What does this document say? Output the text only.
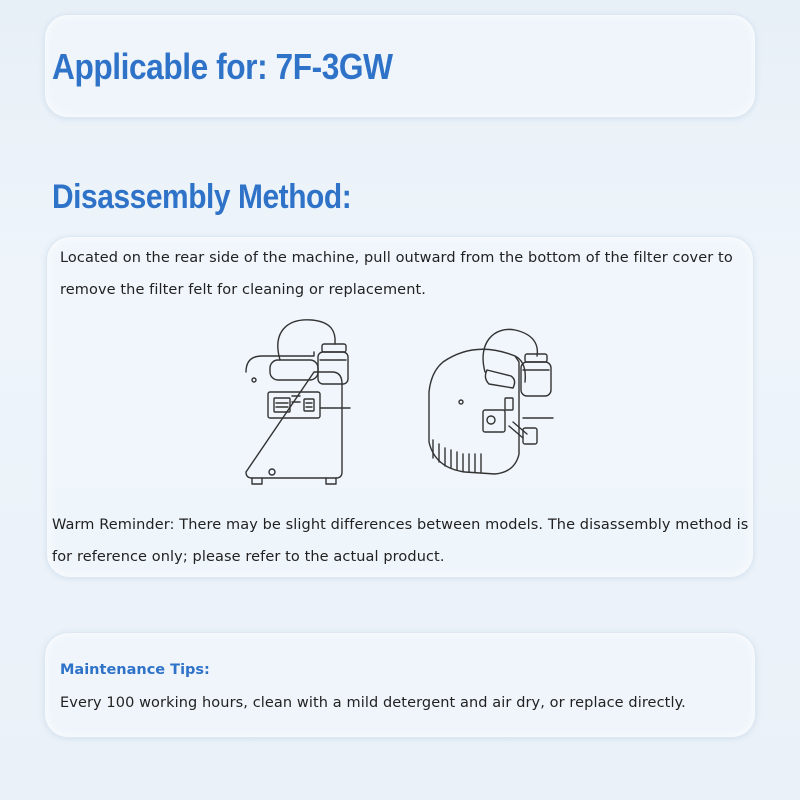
Applicable for: 7F-3GW
Disassembly Method:

Located on the rear side of the machine, pull outward from the bottom of the filter cover to
remove the filter felt for cleaning or replacement.

Warm Reminder: There may be slight differences between models. The disassembly method is
for reference only; please refer to the actual product.

Maintenance Tips:

Every 100 working hours, clean with a mild detergent and air dry, or replace directly.
